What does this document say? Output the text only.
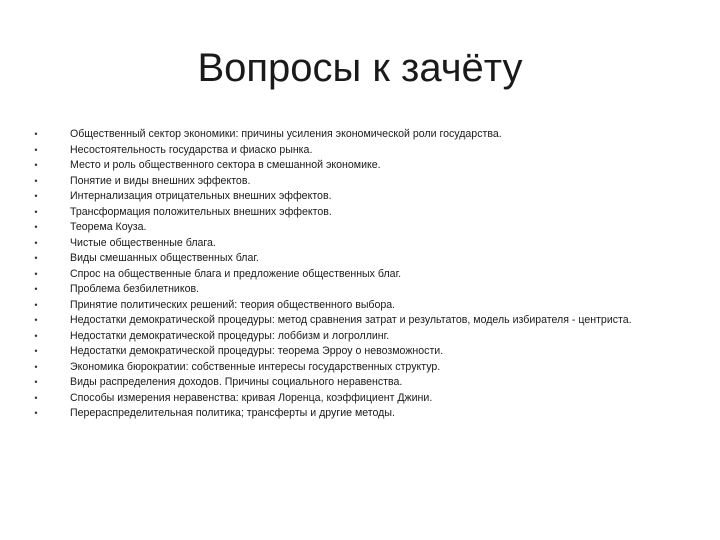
Вопросы к зачёту
•	Общественный сектор экономики: причины усиления экономической роли государства.
•	Несостоятельность государства и фиаско рынка.
•	Место и роль общественного сектора в смешанной экономике.
•	Понятие и виды внешних эффектов.
•	Интернализация отрицательных внешних эффектов.
•	Трансформация положительных внешних эффектов.
•	Теорема Коуза.
•	Чистые общественные блага.
•	Виды смешанных общественных благ.
•	Спрос на общественные блага и предложение общественных благ.
•	Проблема безбилетников.
•	Принятие политических решений: теория общественного выбора.
•	Недостатки демократической процедуры: метод сравнения затрат и результатов, модель избирателя - центриста.
•	Недостатки демократической процедуры: лоббизм и логроллинг.
•	Недостатки демократической процедуры: теорема Эрроу о невозможности.
•	Экономика бюрократии: собственные интересы государственных структур.
•	Виды распределения доходов. Причины социального неравенства.
•	Способы измерения неравенства: кривая Лоренца, коэффициент Джини.
•	Перераспределительная политика; трансферты и другие методы.
